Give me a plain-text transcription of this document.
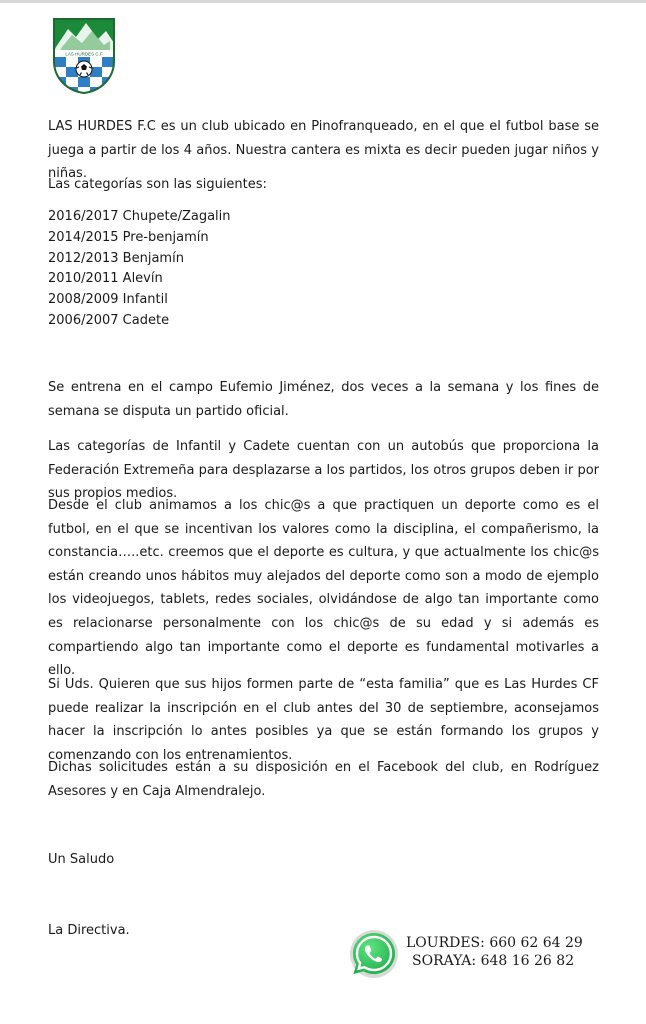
LAS HURDES C.F

LAS HURDES F.C es un club ubicado en Pinofranqueado, en el que el futbol base se juega a partir de los 4 años. Nuestra cantera es mixta es decir pueden jugar niños y niñas.

Las categorías son las siguientes:

2016/2017 Chupete/Zagalin
2014/2015 Pre-benjamín
2012/2013 Benjamín
2010/2011 Alevín
2008/2009 Infantil
2006/2007 Cadete

Se entrena en el campo Eufemio Jiménez, dos veces a la semana y los fines de semana se disputa un partido oficial.

Las categorías de Infantil y Cadete cuentan con un autobús que proporciona la Federación Extremeña para desplazarse a los partidos, los otros grupos deben ir por sus propios medios.

Desde el club animamos a los chic@s a que practiquen un deporte como es el futbol, en el que se incentivan los valores como la disciplina, el compañerismo, la constancia…..etc. creemos que el deporte es cultura, y que actualmente los chic@s están creando unos hábitos muy alejados del deporte como son a modo de ejemplo los videojuegos, tablets, redes sociales, olvidándose de algo tan importante como es relacionarse personalmente con los chic@s de su edad y si además es compartiendo algo tan importante como el deporte es fundamental motivarles a ello.

Si Uds. Quieren que sus hijos formen parte de “esta familia” que es Las Hurdes CF puede realizar la inscripción en el club antes del 30 de septiembre, aconsejamos hacer la inscripción lo antes posibles ya que se están formando los grupos y comenzando con los entrenamientos.

Dichas solicitudes están a su disposición en el Facebook del club, en Rodríguez Asesores y en Caja Almendralejo.

Un Saludo

La Directiva.

LOURDES: 660 62 64 29
SORAYA: 648 16 26 82
